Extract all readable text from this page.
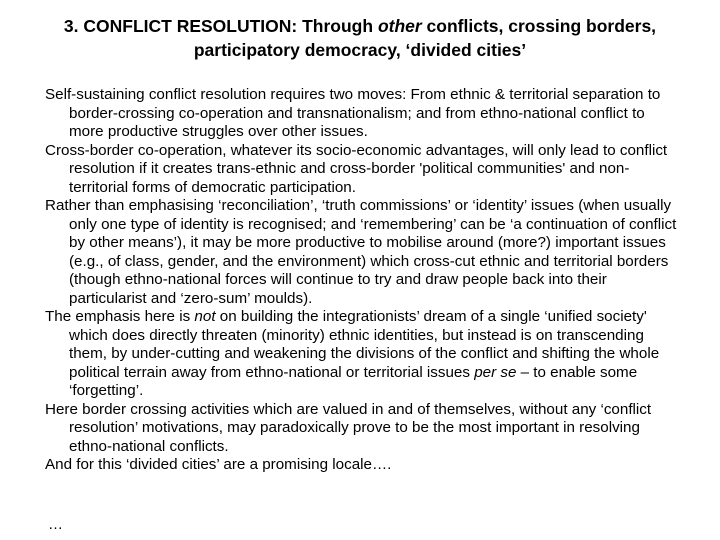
3. CONFLICT RESOLUTION: Through other conflicts, crossing borders, participatory democracy, ‘divided cities’

Self-sustaining conflict resolution requires two moves: From ethnic & territorial separation to border-crossing co-operation and transnationalism; and from ethno-national conflict to more productive struggles over other issues.

Cross-border co-operation, whatever its socio-economic advantages, will only lead to conflict resolution if it creates trans-ethnic and cross-border 'political communities' and non-territorial forms of democratic participation.

Rather than emphasising ‘reconciliation’, ‘truth commissions’ or ‘identity’ issues (when usually only one type of identity is recognised; and ‘remembering’ can be ‘a continuation of conflict by other means’), it may be more productive to mobilise around (more?) important issues (e.g., of class, gender, and the environment) which cross-cut ethnic and territorial borders (though ethno-national forces will continue to try and draw people back into their particularist and ‘zero-sum’ moulds).

The emphasis here is not on building the integrationists’ dream of a single ‘unified society' which does directly threaten (minority) ethnic identities, but instead is on transcending them, by under-cutting and weakening the divisions of the conflict and shifting the whole political terrain away from ethno-national or territorial issues per se – to enable some ‘forgetting’.

Here border crossing activities which are valued in and of themselves, without any ‘conflict resolution’ motivations, may paradoxically prove to be the most important in resolving ethno-national conflicts.

And for this ‘divided cities’ are a promising locale….

…
